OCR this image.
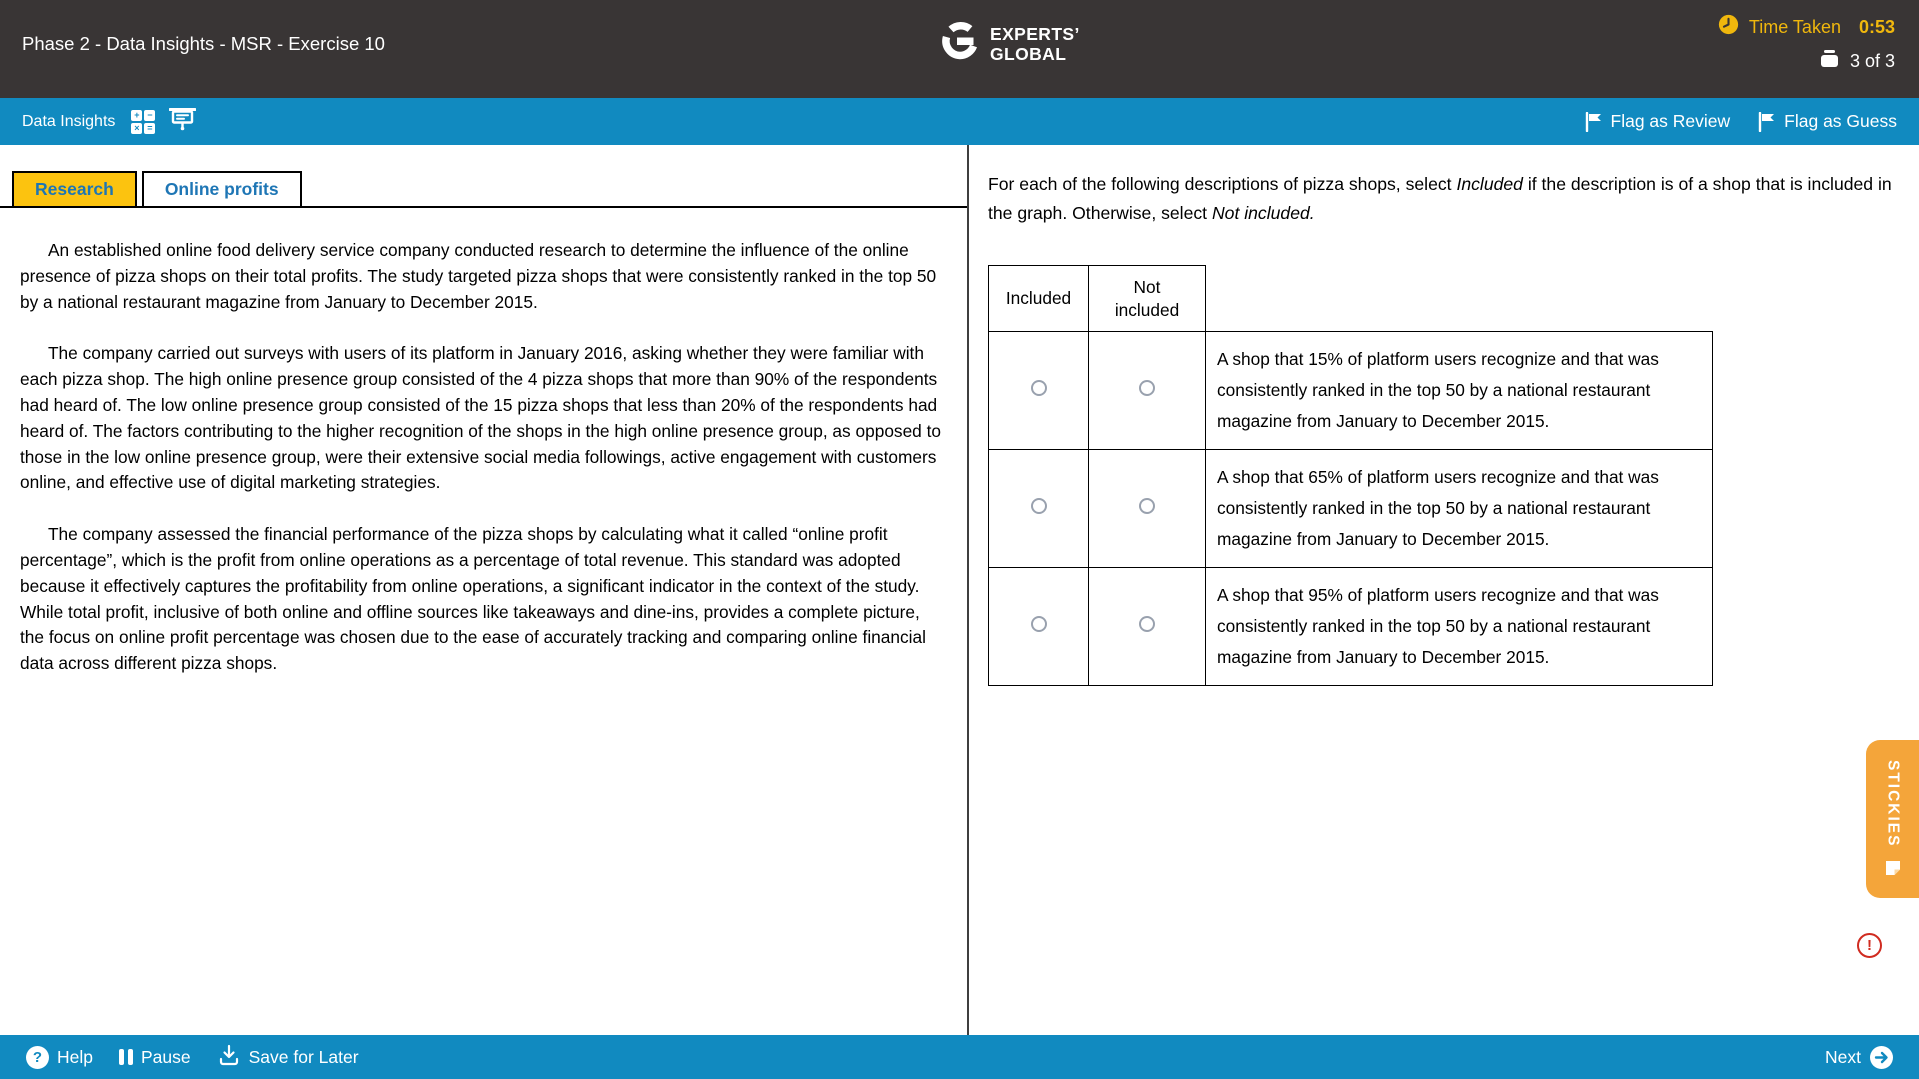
Phase 2 - Data Insights - MSR - Exercise 10	EXPERTS’
GLOBAL
Time Taken 0:53
3 of 3
Data Insights	+ −
× =	Flag as Review	Flag as Guess
Research	Online profits

An established online food delivery service company conducted research to determine the influence of the online presence of pizza shops on their total profits. The study targeted pizza shops that were consistently ranked in the top 50 by a national restaurant magazine from January to December 2015.

The company carried out surveys with users of its platform in January 2016, asking whether they were familiar with each pizza shop. The high online presence group consisted of the 4 pizza shops that more than 90% of the respondents had heard of. The low online presence group consisted of the 15 pizza shops that less than 20% of the respondents had heard of. The factors contributing to the higher recognition of the shops in the high online presence group, as opposed to those in the low online presence group, were their extensive social media followings, active engagement with customers online, and effective use of digital marketing strategies.

The company assessed the financial performance of the pizza shops by calculating what it called “online profit percentage”, which is the profit from online operations as a percentage of total revenue. This standard was adopted because it effectively captures the profitability from online operations, a significant indicator in the context of the study. While total profit, inclusive of both online and offline sources like takeaways and dine-ins, provides a complete picture, the focus on online profit percentage was chosen due to the ease of accurately tracking and comparing online financial data across different pizza shops.

For each of the following descriptions of pizza shops, select Included if the description is of a shop that is included in the graph. Otherwise, select Not included.
Included	Not included	
		A shop that 15% of platform users recognize and that was consistently ranked in the top 50 by a national restaurant magazine from January to December 2015.
		A shop that 65% of platform users recognize and that was consistently ranked in the top 50 by a national restaurant magazine from January to December 2015.
		A shop that 95% of platform users recognize and that was consistently ranked in the top 50 by a national restaurant magazine from January to December 2015.
STICKIES
!
? Help	Pause	Save for Later	Next
